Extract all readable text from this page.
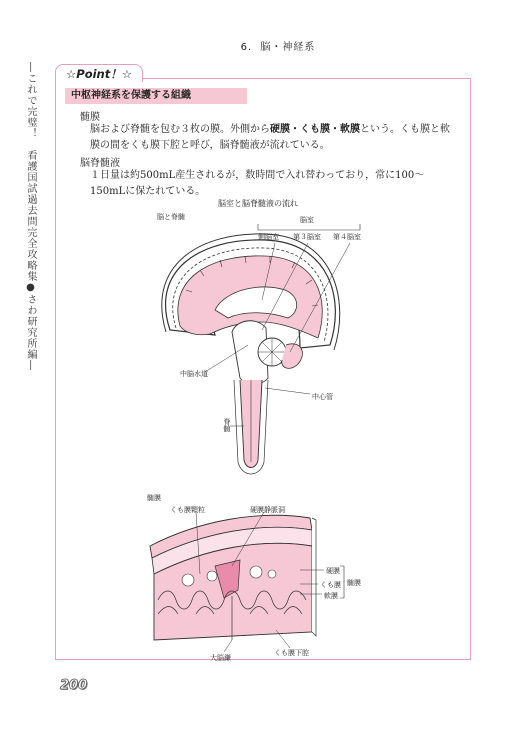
6. 脳・神経系
―これで完璧！　看護国試過去問完全攻略集●さわ研究所編―	☆Point！☆
中枢神経系を保護する組織
髄膜
脳および脊髄を包む３枚の膜。外側から硬膜・くも膜・軟膜という。くも膜と軟膜の間をくも膜下腔と呼び，脳脊髄液が流れている。
脳脊髄液
１日量は約500mL産生されるが，数時間で入れ替わっており，常に100～150mLに保たれている。
脳室と脳脊髄液の流れ
脳と脊髄	脳室
側脳室 第３脳室 第４脳室
中脳水道
中心管
脊髄
髄膜
くも膜顆粒	硬膜静脈洞
硬膜
くも膜
軟膜
髄膜
大脳鎌
くも膜下腔
200
